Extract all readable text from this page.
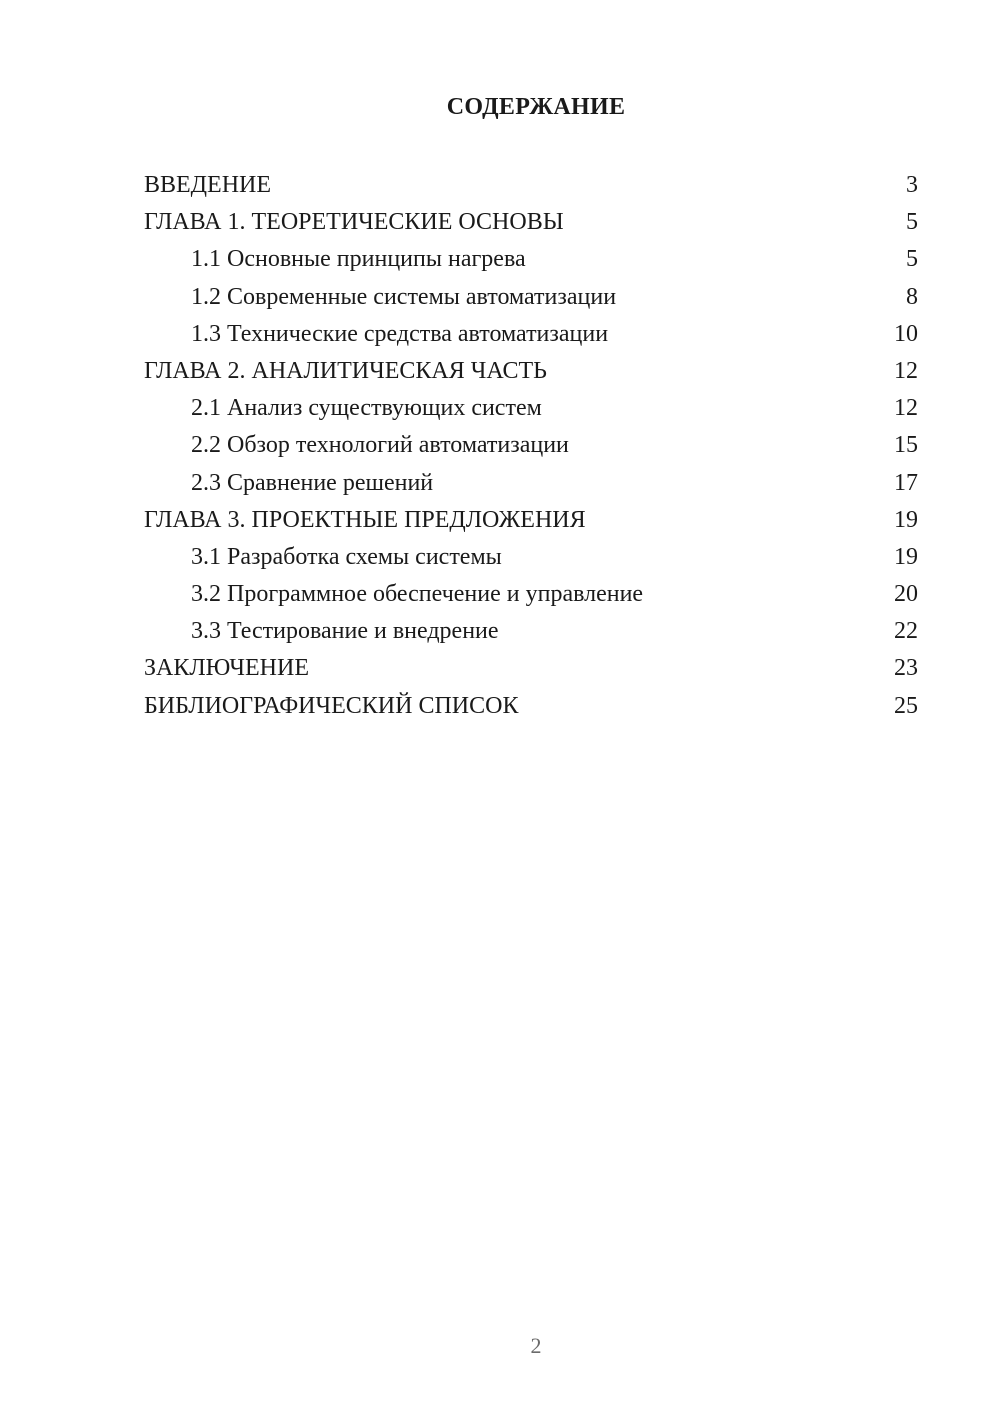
СОДЕРЖАНИЕ
ВВЕДЕНИЕ	3
ГЛАВА 1. ТЕОРЕТИЧЕСКИЕ ОСНОВЫ	5
1.1 Основные принципы нагрева	5
1.2 Современные системы автоматизации	8
1.3 Технические средства автоматизации	10
ГЛАВА 2. АНАЛИТИЧЕСКАЯ ЧАСТЬ	12
2.1 Анализ существующих систем	12
2.2 Обзор технологий автоматизации	15
2.3 Сравнение решений	17
ГЛАВА 3. ПРОЕКТНЫЕ ПРЕДЛОЖЕНИЯ	19
3.1 Разработка схемы системы	19
3.2 Программное обеспечение и управление	20
3.3 Тестирование и внедрение	22
ЗАКЛЮЧЕНИЕ	23
БИБЛИОГРАФИЧЕСКИЙ СПИСОК	25
2
